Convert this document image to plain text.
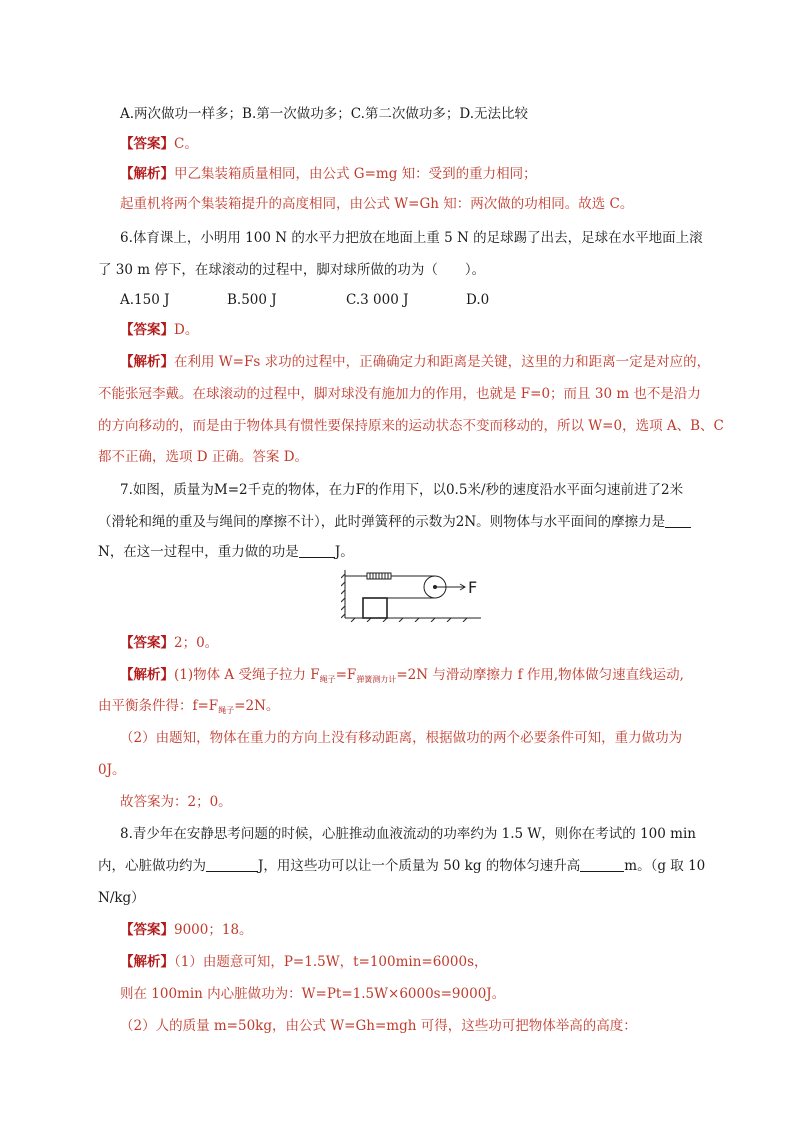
A.两次做功一样多；B.第一次做功多；C.第二次做功多；D.无法比较
【答案】C。
【解析】甲乙集装箱质量相同，由公式 G=mg 知：受到的重力相同；
起重机将两个集装箱提升的高度相同，由公式 W=Gh 知：两次做的功相同。故选 C。
6.体育课上，小明用 100 N 的水平力把放在地面上重 5 N 的足球踢了出去，足球在水平地面上滚
了 30 m 停下，在球滚动的过程中，脚对球所做的功为（　　）。
A.150 J	B.500 J	C.3 000 J	D.0
【答案】D。
【解析】在利用 W=Fs 求功的过程中，正确确定力和距离是关键，这里的力和距离一定是对应的，
不能张冠李戴。在球滚动的过程中，脚对球没有施加力的作用，也就是 F=0；而且 30 m 也不是沿力
的方向移动的，而是由于物体具有惯性要保持原来的运动状态不变而移动的，所以 W=0，选项 A、B、C
都不正确，选项 D 正确。答案 D。
7.如图，质量为M=2千克的物体，在力F的作用下，以0.5米/秒的速度沿水平面匀速前进了2米
（滑轮和绳的重及与绳间的摩擦不计），此时弹簧秤的示数为2N。则物体与水平面间的摩擦力是
N，在这一过程中，重力做的功是	J。
F
【答案】2；0。
【解析】(1)物体 A 受绳子拉力 $F_{绳子}=F_{弹簧测力计}=2N$ 与滑动摩擦力 f 作用,物体做匀速直线运动,
由平衡条件得：$f=F_{绳子}=2N$。
（2）由题知，物体在重力的方向上没有移动距离，根据做功的两个必要条件可知，重力做功为
0J。
故答案为：2；0。
8.青少年在安静思考问题的时候，心脏推动血液流动的功率约为 1.5 W，则你在考试的 100 min
内，心脏做功约为	J，用这些功可以让一个质量为 50 kg 的物体匀速升高	m。（g 取 10
N/kg）
【答案】9000；18。
【解析】（1）由题意可知，P=1.5W，t=100min=6000s，
则在 100min 内心脏做功为：W=Pt=1.5W×6000s=9000J。
（2）人的质量 m=50kg，由公式 W=Gh=mgh 可得，这些功可把物体举高的高度：
